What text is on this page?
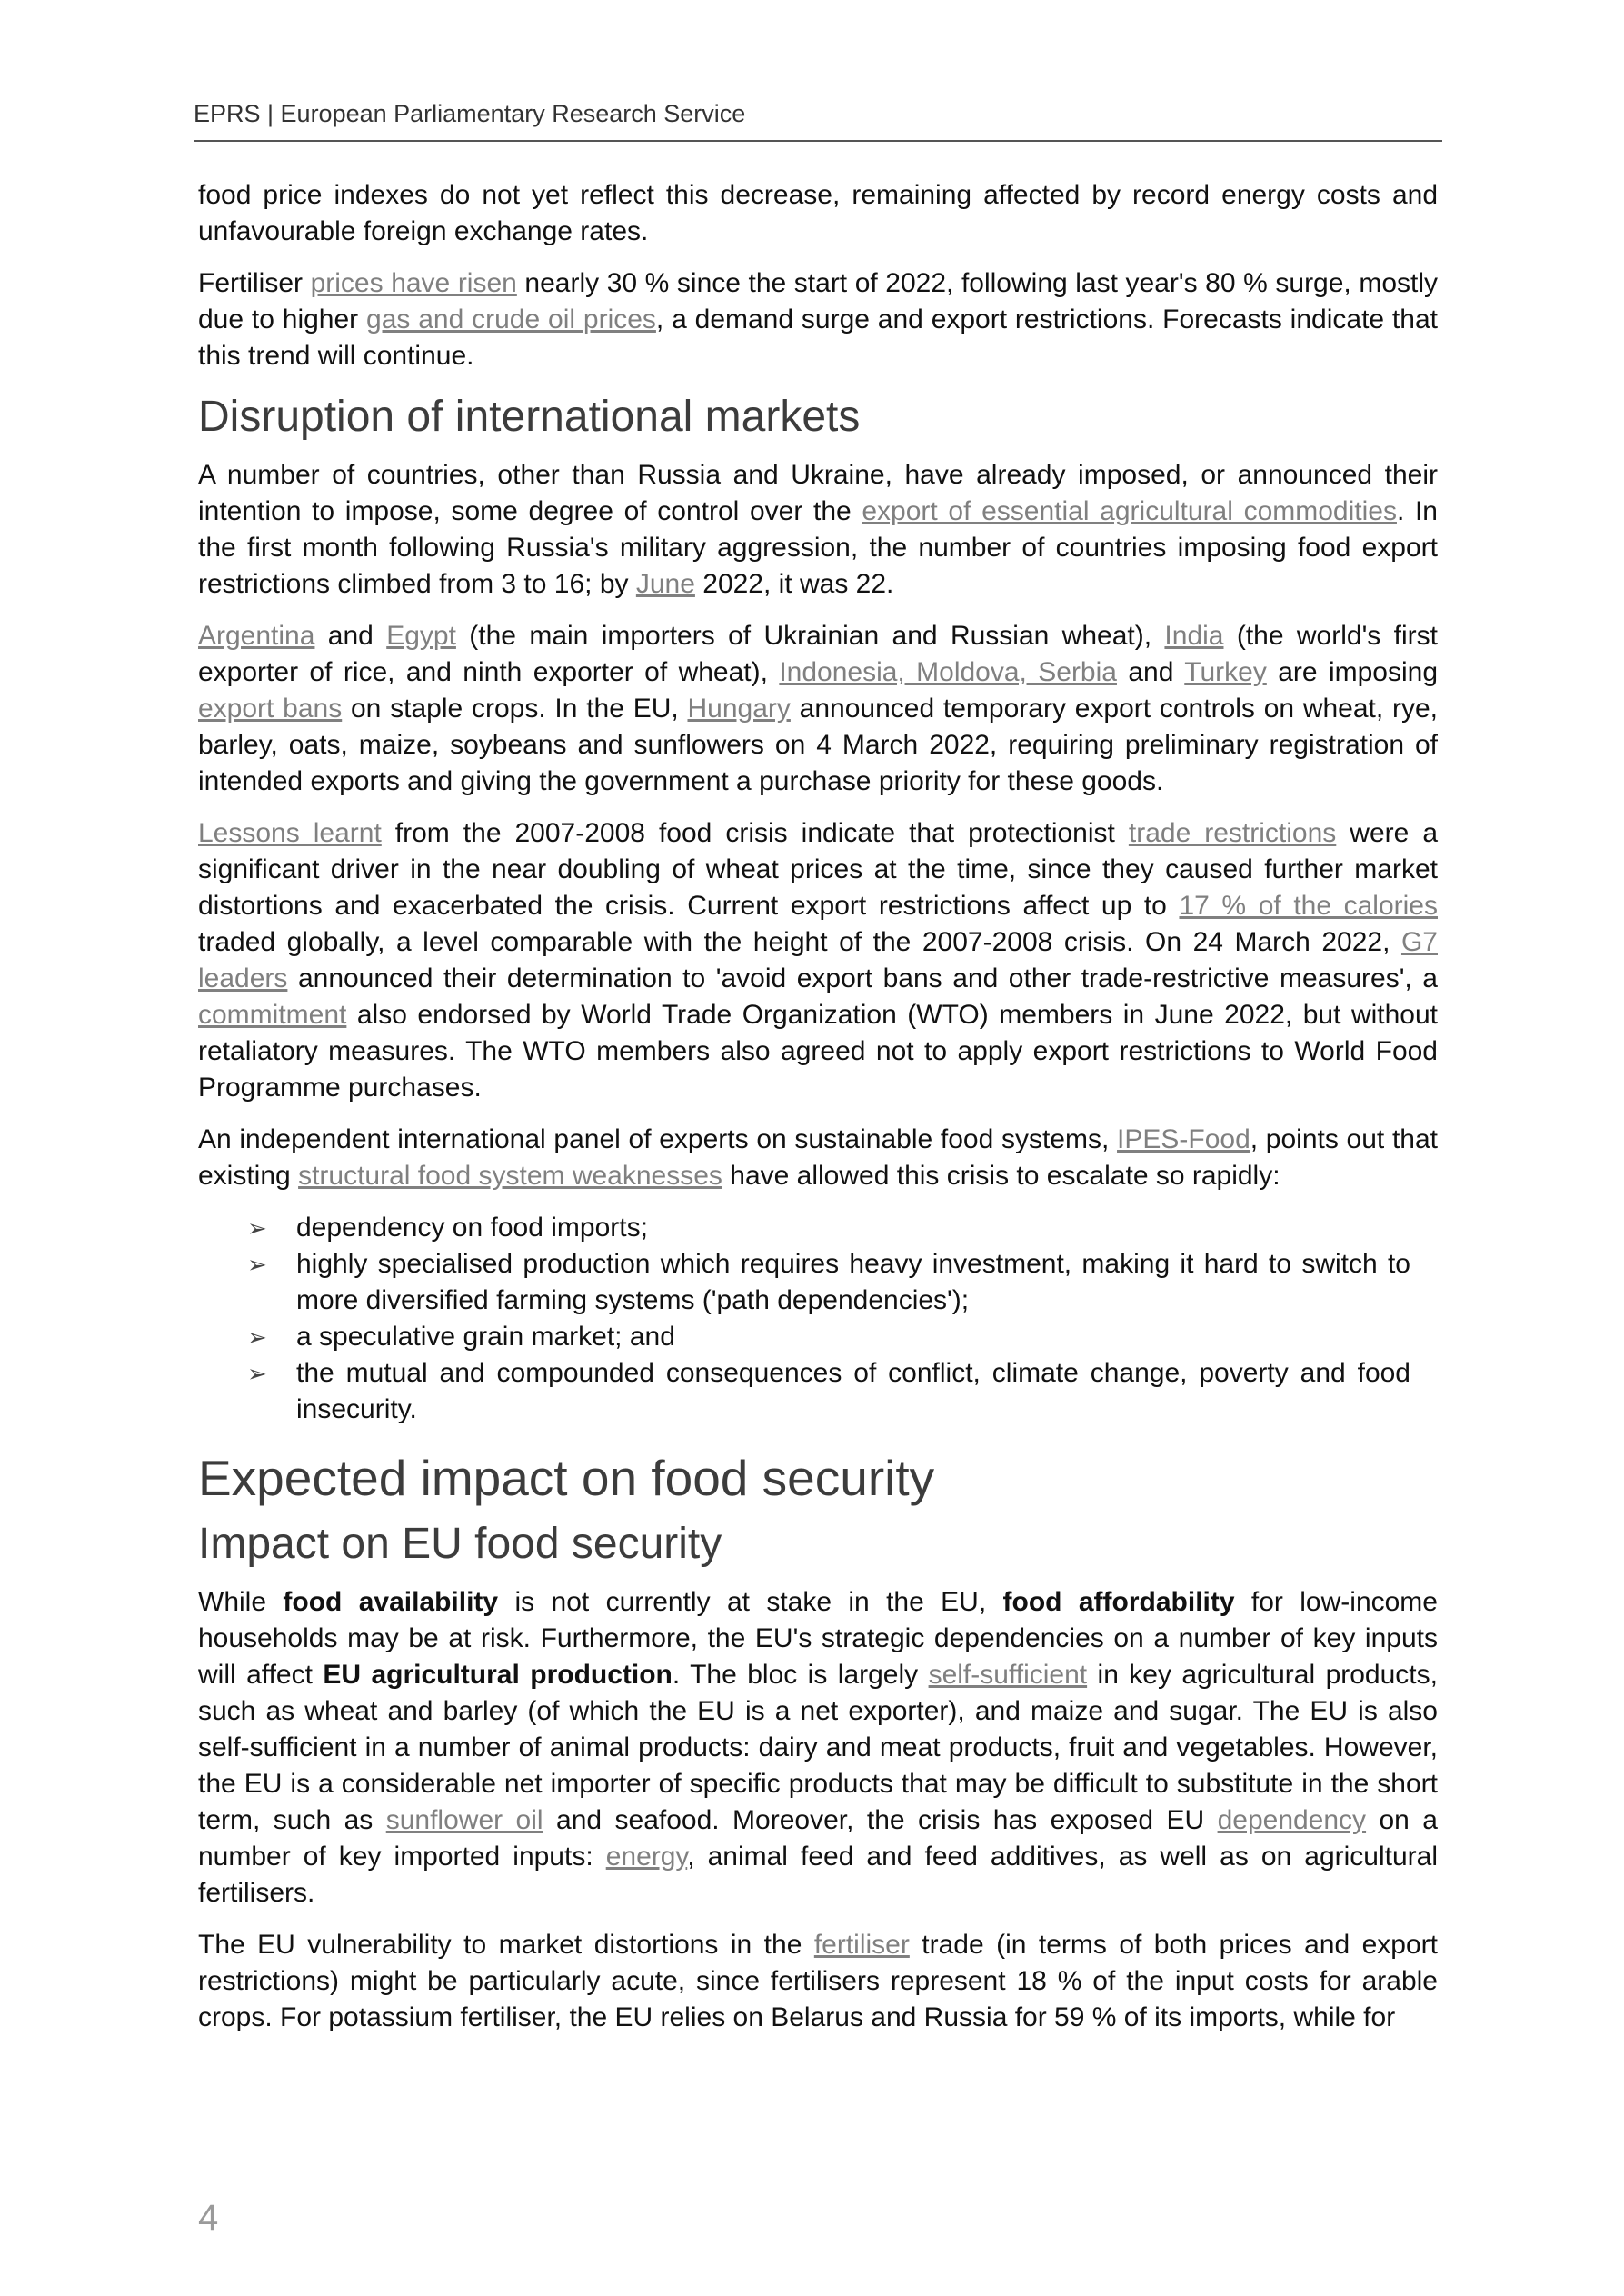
EPRS | European Parliamentary Research Service

food price indexes do not yet reflect this decrease, remaining affected by record energy costs and unfavourable foreign exchange rates.

Fertiliser prices have risen nearly 30 % since the start of 2022, following last year's 80 % surge, mostly due to higher gas and crude oil prices, a demand surge and export restrictions. Forecasts indicate that this trend will continue.

Disruption of international markets

A number of countries, other than Russia and Ukraine, have already imposed, or announced their intention to impose, some degree of control over the export of essential agricultural commodities. In the first month following Russia's military aggression, the number of countries imposing food export restrictions climbed from 3 to 16; by June 2022, it was 22.

Argentina and Egypt (the main importers of Ukrainian and Russian wheat), India (the world's first exporter of rice, and ninth exporter of wheat), Indonesia, Moldova, Serbia and Turkey are imposing export bans on staple crops. In the EU, Hungary announced temporary export controls on wheat, rye, barley, oats, maize, soybeans and sunflowers on 4 March 2022, requiring preliminary registration of intended exports and giving the government a purchase priority for these goods.

Lessons learnt from the 2007-2008 food crisis indicate that protectionist trade restrictions were a significant driver in the near doubling of wheat prices at the time, since they caused further market distortions and exacerbated the crisis. Current export restrictions affect up to 17 % of the calories traded globally, a level comparable with the height of the 2007-2008 crisis. On 24 March 2022, G7 leaders announced their determination to 'avoid export bans and other trade-restrictive measures', a commitment also endorsed by World Trade Organization (WTO) members in June 2022, but without retaliatory measures. The WTO members also agreed not to apply export restrictions to World Food Programme purchases.

An independent international panel of experts on sustainable food systems, IPES-Food, points out that existing structural food system weaknesses have allowed this crisis to escalate so rapidly:

➢ dependency on food imports;
➢ highly specialised production which requires heavy investment, making it hard to switch to more diversified farming systems ('path dependencies');
➢ a speculative grain market; and
➢ the mutual and compounded consequences of conflict, climate change, poverty and food insecurity.
Expected impact on food security
Impact on EU food security

While food availability is not currently at stake in the EU, food affordability for low-income households may be at risk. Furthermore, the EU's strategic dependencies on a number of key inputs will affect EU agricultural production. The bloc is largely self-sufficient in key agricultural products, such as wheat and barley (of which the EU is a net exporter), and maize and sugar. The EU is also self-sufficient in a number of animal products: dairy and meat products, fruit and vegetables. However, the EU is a considerable net importer of specific products that may be difficult to substitute in the short term, such as sunflower oil and seafood. Moreover, the crisis has exposed EU dependency on a number of key imported inputs: energy, animal feed and feed additives, as well as on agricultural fertilisers.

The EU vulnerability to market distortions in the fertiliser trade (in terms of both prices and export restrictions) might be particularly acute, since fertilisers represent 18 % of the input costs for arable crops. For potassium fertiliser, the EU relies on Belarus and Russia for 59 % of its imports, while for

4
